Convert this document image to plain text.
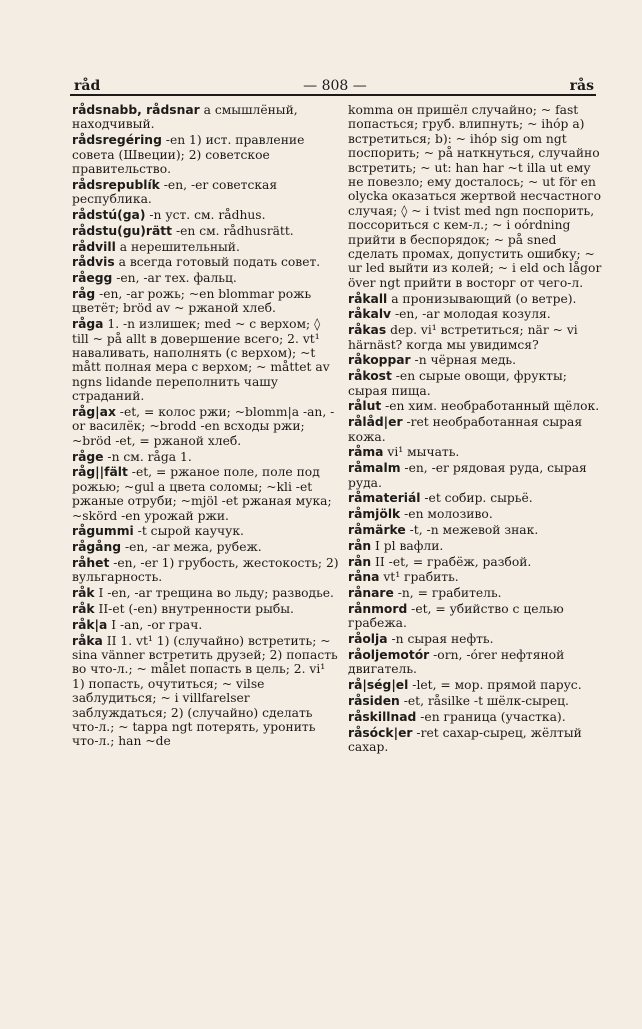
råd	— 808 —	rås

rådsnabb, rådsnar a смышлёный, находчивый.

rådsregéring -en 1) ист. правление совета (Швеции); 2) советское правительство.

rådsrepublík -en, -er советская республика.

rådstú(ga) -n уст. см. rådhus.

rådstu(gu)rätt -en см. rådhusrätt.

rådvill a нерешительный.

rådvis a всегда готовый подать совет.

råegg -en, -ar тех. фальц.

råg -en, -ar рожь; ~en blommar рожь цветёт; bröd av ~ ржаной хлеб.

råga 1. -n излишек; med ~ с верхом; ◊ till ~ på allt в довершение всего; 2. vt¹ наваливать, наполнять (с верхом); ~t mått полная мера с верхом; ~ måttet av ngns lidande переполнить чашу страданий.

råg|ax -et, = колос ржи; ~blomm|a -an, -or василёк; ~brodd -en всходы ржи; ~bröd -et, = ржаной хлеб.

råge -n см. råga 1.

råg||fält -et, = ржаное поле, поле под рожью; ~gul a цвета соломы; ~kli -et ржаные отруби; ~mjöl -et ржаная мука; ~skörd -en урожай ржи.

rågummi -t сырой каучук.

rågång -en, -ar межа, рубеж.

råhet -en, -er 1) грубость, жестокость; 2) вульгарность.

råk I -en, -ar трещина во льду; разводье.

råk II-et (-en) внутренности рыбы.

råk|a I -an, -or грач.

råka II 1. vt¹ 1) (случайно) встретить; ~ sina vänner встретить друзей; 2) попасть во что-л.; ~ målet попасть в цель; 2. vi¹ 1) попасть, очутиться; ~ vilse заблудиться; ~ i villfarelser заблуждаться; 2) (случайно) сделать что-л.; ~ tappa ngt потерять, уронить что-л.; han ~de

komma он пришёл случайно; ~ fast попасться; груб. влипнуть; ~ ihóp a) встретиться; b): ~ ihóp sig om ngt поспорить; ~ på наткнуться, случайно встретить; ~ ut: han har ~t illa ut ему не повезло; ему досталось; ~ ut för en olycka оказаться жертвой несчастного случая; ◊ ~ i tvist med ngn поспорить, поссориться с кем-л.; ~ i oórdning прийти в беспорядок; ~ på sned сделать промах, допустить ошибку; ~ ur led выйти из колей; ~ i eld och lågor över ngt прийти в восторг от чего-л.

råkall a пронизывающий (о ветре).

råkalv -en, -ar молодая козуля.

råkas dep. vi¹ встретиться; när ~ vi härnäst? когда мы увидимся?

råkoppar -n чёрная медь.

råkost -en сырые овощи, фрукты; сырая пища.

rålut -en хим. необработанный щёлок.

rålåd|er -ret необработанная сырая кожа.

råma vi¹ мычать.

råmalm -en, -er рядовая руда, сырая руда.

råmateriál -et собир. сырьё.

råmjölk -en молозиво.

råmärke -t, -n межевой знак.

rån I pl вафли.

rån II -et, = грабёж, разбой.

råna vt¹ грабить.

rånare -n, = грабитель.

rånmord -et, = убийство с целью грабежа.

råolja -n сырая нефть.

råoljemotór -orn, -órer нефтяной двигатель.

rå|ség|el -let, = мор. прямой парус.

råsiden -et, råsilke -t шёлк-сырец.

råskillnad -en граница (участка).

råsóck|er -ret сахар-сырец, жёлтый сахар.
